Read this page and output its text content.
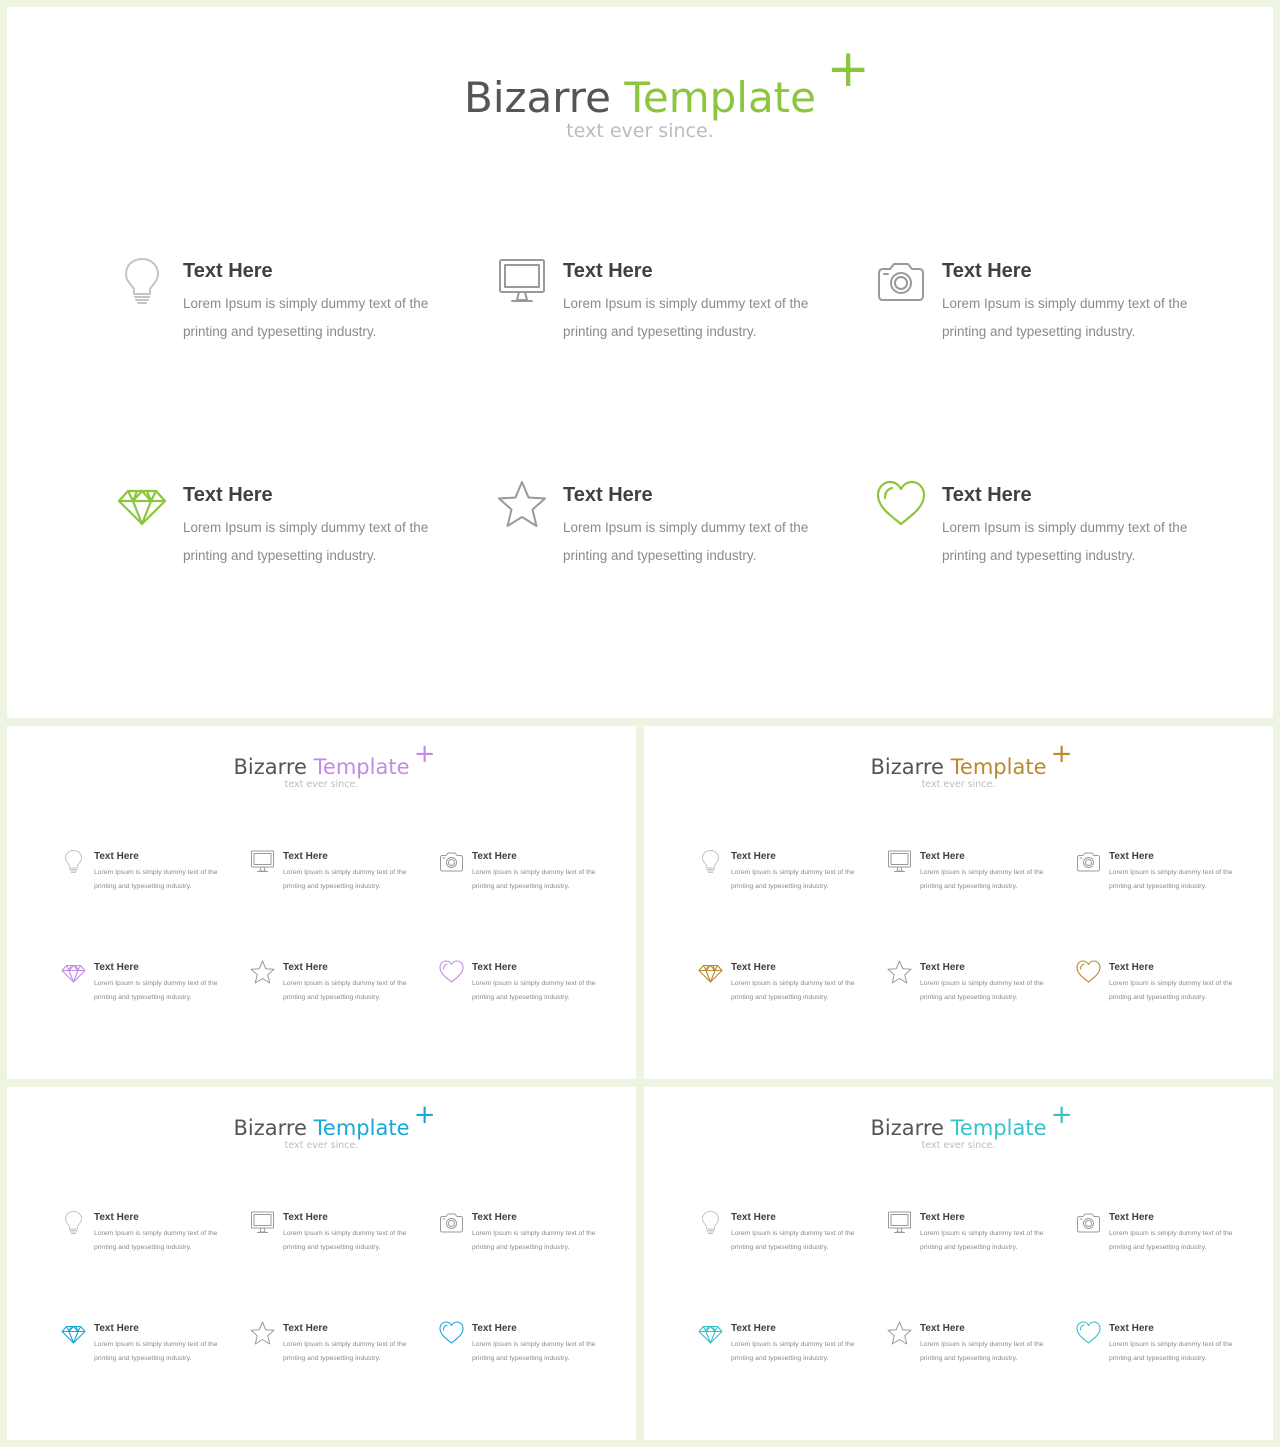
Bizarre Template +
text ever since.
Text Here
Lorem Ipsum is simply dummy text of the printing and typesetting industry.
Text Here
Lorem Ipsum is simply dummy text of the printing and typesetting industry.
Text Here
Lorem Ipsum is simply dummy text of the printing and typesetting industry.
Text Here
Lorem Ipsum is simply dummy text of the printing and typesetting industry.
Text Here
Lorem Ipsum is simply dummy text of the printing and typesetting industry.
Text Here
Lorem Ipsum is simply dummy text of the printing and typesetting industry.
Bizarre Template +
text ever since.
Text Here
Lorem Ipsum is simply dummy text of the printing and typesetting industry.
Text Here
Lorem Ipsum is simply dummy text of the printing and typesetting industry.
Text Here
Lorem Ipsum is simply dummy text of the printing and typesetting industry.
Text Here
Lorem Ipsum is simply dummy text of the printing and typesetting industry.
Text Here
Lorem Ipsum is simply dummy text of the printing and typesetting industry.
Text Here
Lorem Ipsum is simply dummy text of the printing and typesetting industry.
Bizarre Template +
text ever since.
Text Here
Lorem Ipsum is simply dummy text of the printing and typesetting industry.
Text Here
Lorem Ipsum is simply dummy text of the printing and typesetting industry.
Text Here
Lorem Ipsum is simply dummy text of the printing and typesetting industry.
Text Here
Lorem Ipsum is simply dummy text of the printing and typesetting industry.
Text Here
Lorem Ipsum is simply dummy text of the printing and typesetting industry.
Text Here
Lorem Ipsum is simply dummy text of the printing and typesetting industry.
Bizarre Template +
text ever since.
Text Here
Lorem Ipsum is simply dummy text of the printing and typesetting industry.
Text Here
Lorem Ipsum is simply dummy text of the printing and typesetting industry.
Text Here
Lorem Ipsum is simply dummy text of the printing and typesetting industry.
Text Here
Lorem Ipsum is simply dummy text of the printing and typesetting industry.
Text Here
Lorem Ipsum is simply dummy text of the printing and typesetting industry.
Text Here
Lorem Ipsum is simply dummy text of the printing and typesetting industry.
Bizarre Template +
text ever since.
Text Here
Lorem Ipsum is simply dummy text of the printing and typesetting industry.
Text Here
Lorem Ipsum is simply dummy text of the printing and typesetting industry.
Text Here
Lorem Ipsum is simply dummy text of the printing and typesetting industry.
Text Here
Lorem Ipsum is simply dummy text of the printing and typesetting industry.
Text Here
Lorem Ipsum is simply dummy text of the printing and typesetting industry.
Text Here
Lorem Ipsum is simply dummy text of the printing and typesetting industry.
